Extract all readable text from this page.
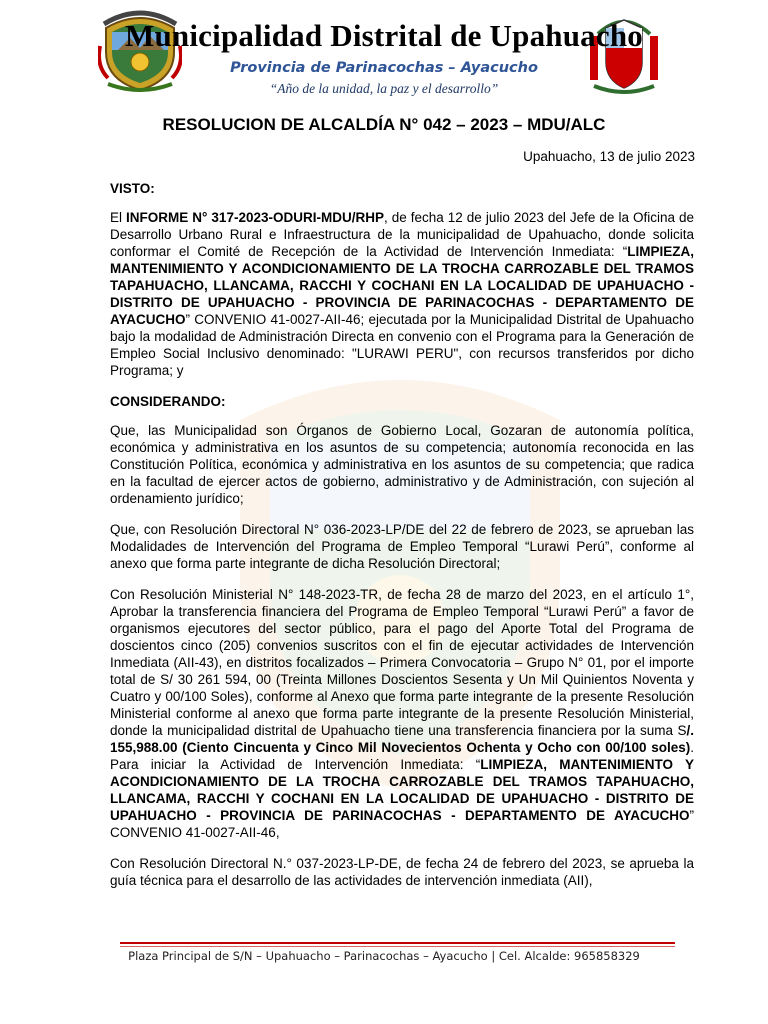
Municipalidad Distrital de Upahuacho
Provincia de Parinacochas – Ayacucho
“Año de la unidad, la paz y el desarrollo”
RESOLUCION DE ALCALDÍA N° 042 – 2023 – MDU/ALC
Upahuacho, 13 de julio 2023
VISTO:

El INFORME N° 317-2023-ODURI-MDU/RHP, de fecha 12 de julio 2023 del Jefe de la Oficina de Desarrollo Urbano Rural e Infraestructura de la municipalidad de Upahuacho, donde solicita conformar el Comité de Recepción de la Actividad de Intervención Inmediata: “LIMPIEZA, MANTENIMIENTO Y ACONDICIONAMIENTO DE LA TROCHA CARROZABLE DEL TRAMOS TAPAHUACHO, LLANCAMA, RACCHI Y COCHANI EN LA LOCALIDAD DE UPAHUACHO - DISTRITO DE UPAHUACHO - PROVINCIA DE PARINACOCHAS - DEPARTAMENTO DE AYACUCHO” CONVENIO 41-0027-AII-46; ejecutada por la Municipalidad Distrital de Upahuacho bajo la modalidad de Administración Directa en convenio con el Programa para la Generación de Empleo Social Inclusivo denominado: "LURAWI PERU", con recursos transferidos por dicho Programa; y

CONSIDERANDO:

Que, las Municipalidad son Órganos de Gobierno Local, Gozaran de autonomía política, económica y administrativa en los asuntos de su competencia; autonomía reconocida en las Constitución Política, económica y administrativa en los asuntos de su competencia; que radica en la facultad de ejercer actos de gobierno, administrativo y de Administración, con sujeción al ordenamiento jurídico;

Que, con Resolución Directoral N° 036-2023-LP/DE del 22 de febrero de 2023, se aprueban las Modalidades de Intervención del Programa de Empleo Temporal “Lurawi Perú”, conforme al anexo que forma parte integrante de dicha Resolución Directoral;

Con Resolución Ministerial N° 148-2023-TR, de fecha 28 de marzo del 2023, en el artículo 1°, Aprobar la transferencia financiera del Programa de Empleo Temporal “Lurawi Perú” a favor de organismos ejecutores del sector público, para el pago del Aporte Total del Programa de doscientos cinco (205) convenios suscritos con el fin de ejecutar actividades de Intervención Inmediata (AII-43), en distritos focalizados – Primera Convocatoria – Grupo N° 01, por el importe total de S/ 30 261 594, 00 (Treinta Millones Doscientos Sesenta y Un Mil Quinientos Noventa y Cuatro y 00/100 Soles), conforme al Anexo que forma parte integrante de la presente Resolución Ministerial conforme al anexo que forma parte integrante de la presente Resolución Ministerial, donde la municipalidad distrital de Upahuacho tiene una transferencia financiera por la suma S/. 155,988.00 (Ciento Cincuenta y Cinco Mil Novecientos Ochenta y Ocho con 00/100 soles). Para iniciar la Actividad de Intervención Inmediata: “LIMPIEZA, MANTENIMIENTO Y ACONDICIONAMIENTO DE LA TROCHA CARROZABLE DEL TRAMOS TAPAHUACHO, LLANCAMA, RACCHI Y COCHANI EN LA LOCALIDAD DE UPAHUACHO - DISTRITO DE UPAHUACHO - PROVINCIA DE PARINACOCHAS - DEPARTAMENTO DE AYACUCHO” CONVENIO 41-0027-AII-46,

Con Resolución Directoral N.° 037-2023-LP-DE, de fecha 24 de febrero del 2023, se aprueba la guía técnica para el desarrollo de las actividades de intervención inmediata (AII),

Plaza Principal de S/N – Upahuacho – Parinacochas – Ayacucho | Cel. Alcalde: 965858329
